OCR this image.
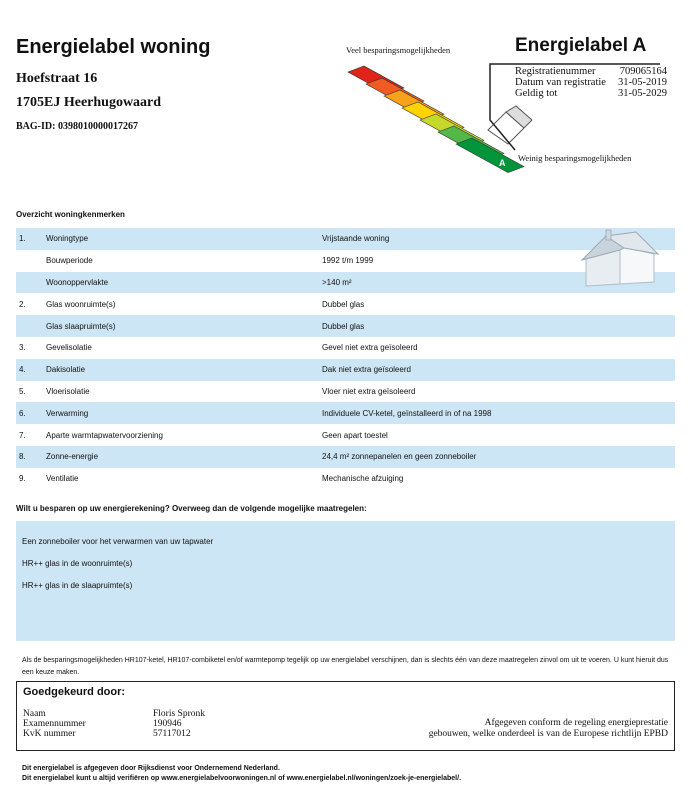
Energielabel woning
Hoefstraat 16
1705EJ Heerhugowaard
BAG-ID: 0398010000017267
A
Veel besparingsmogelijkheden
Weinig besparingsmogelijkheden
Energielabel A
Registratienummer 709065164
Datum van registratie 31-05-2019
Geldig tot	31-05-2029
Overzicht woningkenmerken
1.	Woningtype	Vrijstaande woning
Bouwperiode	1992 t/m 1999
Woonoppervlakte	>140 m²
2.	Glas woonruimte(s)	Dubbel glas
Glas slaapruimte(s)	Dubbel glas
3.	Gevelisolatie	Gevel niet extra geïsoleerd
4.	Dakisolatie	Dak niet extra geïsoleerd
5.	Vloerisolatie	Vloer niet extra geïsoleerd
6.	Verwarming	Individuele CV-ketel, geïnstalleerd in of na 1998
7.	Aparte warmtapwatervoorziening	Geen apart toestel
8.	Zonne-energie	24,4 m² zonnepanelen en geen zonneboiler
9.	Ventilatie	Mechanische afzuiging
Wilt u besparen op uw energierekening? Overweeg dan de volgende mogelijke maatregelen:
Een zonneboiler voor het verwarmen van uw tapwater
HR++ glas in de woonruimte(s)
HR++ glas in de slaapruimte(s)
Als de besparingsmogelijkheden HR107-ketel, HR107-combiketel en/of warmtepomp tegelijk op uw energielabel verschijnen, dan is slechts één van deze maatregelen zinvol om uit te voeren. U kunt hieruit dus een keuze maken.
Goedgekeurd door:
Naam	Floris Spronk
Examennummer	190946
KvK nummer	57117012
Afgegeven conform de regeling energieprestatie
gebouwen, welke onderdeel is van de Europese richtlijn EPBD
Dit energielabel is afgegeven door Rijksdienst voor Ondernemend Nederland.
Dit energielabel kunt u altijd verifiëren op www.energielabelvoorwoningen.nl of www.energielabel.nl/woningen/zoek-je-energielabel/.
